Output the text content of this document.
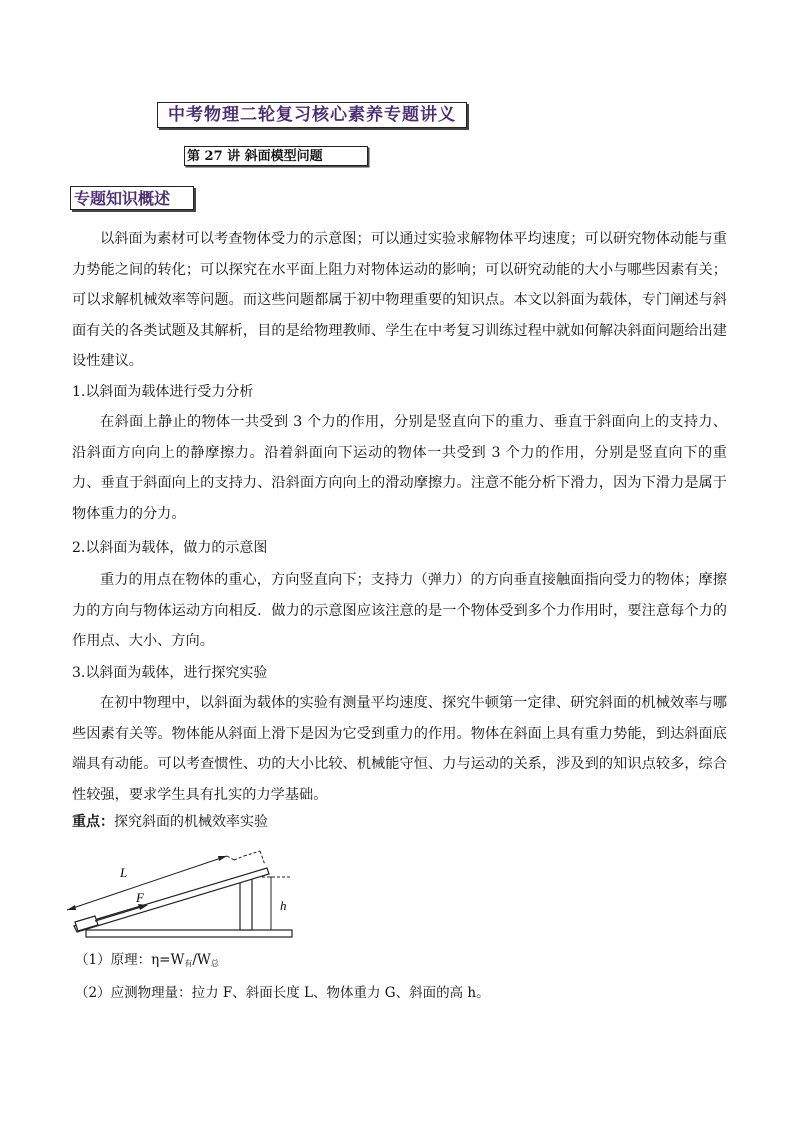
中考物理二轮复习核心素养专题讲义
第 27 讲 斜面模型问题
专题知识概述

以斜面为素材可以考查物体受力的示意图；可以通过实验求解物体平均速度；可以研究物体动能与重力势能之间的转化；可以探究在水平面上阻力对物体运动的影响；可以研究动能的大小与哪些因素有关；可以求解机械效率等问题。而这些问题都属于初中物理重要的知识点。本文以斜面为载体，专门阐述与斜面有关的各类试题及其解析，目的是给物理教师、学生在中考复习训练过程中就如何解决斜面问题给出建设性建议。

1.以斜面为载体进行受力分析

在斜面上静止的物体一共受到 3 个力的作用，分别是竖直向下的重力、垂直于斜面向上的支持力、沿斜面方向向上的静摩擦力。沿着斜面向下运动的物体一共受到 3 个力的作用，分别是竖直向下的重力、垂直于斜面向上的支持力、沿斜面方向向上的滑动摩擦力。注意不能分析下滑力，因为下滑力是属于物体重力的分力。

2.以斜面为载体，做力的示意图

重力的用点在物体的重心，方向竖直向下；支持力（弹力）的方向垂直接触面指向受力的物体；摩擦力的方向与物体运动方向相反．做力的示意图应该注意的是一个物体受到多个力作用时，要注意每个力的作用点、大小、方向。

3.以斜面为载体，进行探究实验

在初中物理中，以斜面为载体的实验有测量平均速度、探究牛顿第一定律、研究斜面的机械效率与哪些因素有关等。物体能从斜面上滑下是因为它受到重力的作用。物体在斜面上具有重力势能，到达斜面底端具有动能。可以考查惯性、功的大小比较、机械能守恒、力与运动的关系，涉及到的知识点较多，综合性较强，要求学生具有扎实的力学基础。

重点：探究斜面的机械效率实验

F
L
h

（1）原理：$\eta=W_有/W_总$

（2）应测物理量：拉力 F、斜面长度 L、物体重力 G、斜面的高 h。
